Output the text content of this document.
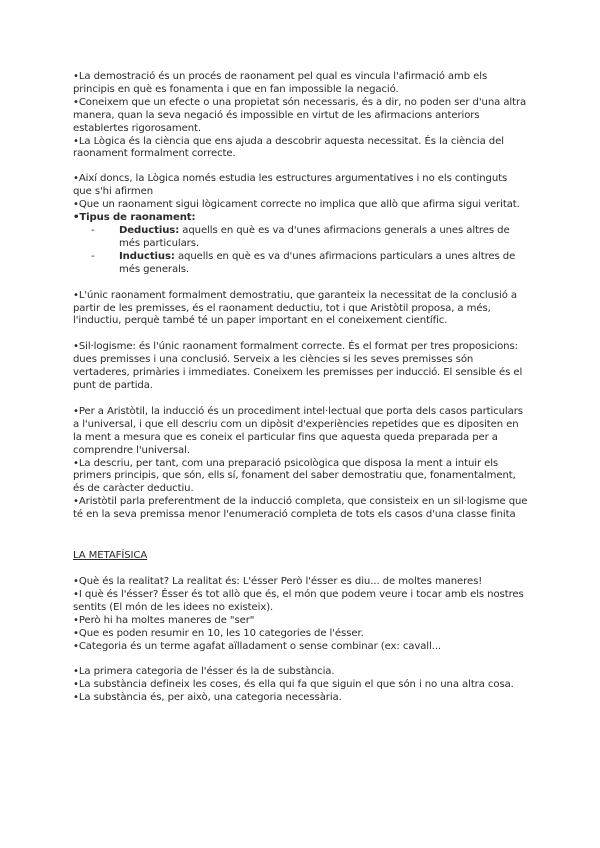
•La demostració és un procés de raonament pel qual es vincula l'afirmació amb els principis en què es fonamenta i que en fan impossible la negació.

•Coneixem que un efecte o una propietat són necessaris, és a dir, no poden ser d'una altra manera, quan la seva negació és impossible en virtut de les afirmacions anteriors establertes rigorosament.

•La Lògica és la ciència que ens ajuda a descobrir aquesta necessitat. És la ciència del raonament formalment correcte.

•Així doncs, la Lògica només estudia les estructures argumentatives i no els continguts que s'hi afirmen

•Que un raonament sigui lògicament correcte no implica que allò que afirma sigui veritat.

•Tipus de raonament:

- Deductius: aquells en què es va d'unes afirmacions generals a unes altres de més particulars.
- Inductius: aquells en què es va d'unes afirmacions particulars a unes altres de més generals.

•L'únic raonament formalment demostratiu, que garanteix la necessitat de la conclusió a partir de les premisses, és el raonament deductiu, tot i que Aristòtil proposa, a més, l'inductiu, perquè també té un paper important en el coneixement científic.

•Sil·logisme: és l'únic raonament formalment correcte. És el format per tres proposicions: dues premisses i una conclusió. Serveix a les ciències si les seves premisses són vertaderes, primàries i immediates. Coneixem les premisses per inducció. El sensible és el punt de partida.

•Per a Aristòtil, la inducció és un procediment intel·lectual que porta dels casos particulars a l'universal, i que ell descriu com un dipòsit d'experiències repetides que es dipositen en la ment a mesura que es coneix el particular fins que aquesta queda preparada per a comprendre l'universal.

•La descriu, per tant, com una preparació psicològica que disposa la ment a intuir els primers principis, que són, ells sí, fonament del saber demostratiu que, fonamentalment, és de caràcter deductiu.

•Aristòtil parla preferentment de la inducció completa, que consisteix en un sil·logisme que té en la seva premissa menor l'enumeració completa de tots els casos d'una classe finita

LA METAFÍSICA

•Què és la realitat? La realitat és: L'ésser Però l'ésser es diu... de moltes maneres!

•I què és l'ésser? Ésser és tot allò que és, el món que podem veure i tocar amb els nostres sentits (El món de les idees no existeix).

•Però hi ha moltes maneres de "ser"

•Que es poden resumir en 10, les 10 categories de l'ésser.

•Categoria és un terme agafat aïlladament o sense combinar (ex: cavall...

•La primera categoria de l'ésser és la de substància.

•La substància defineix les coses, és ella qui fa que siguin el que són i no una altra cosa.

•La substància és, per això, una categoria necessària.
